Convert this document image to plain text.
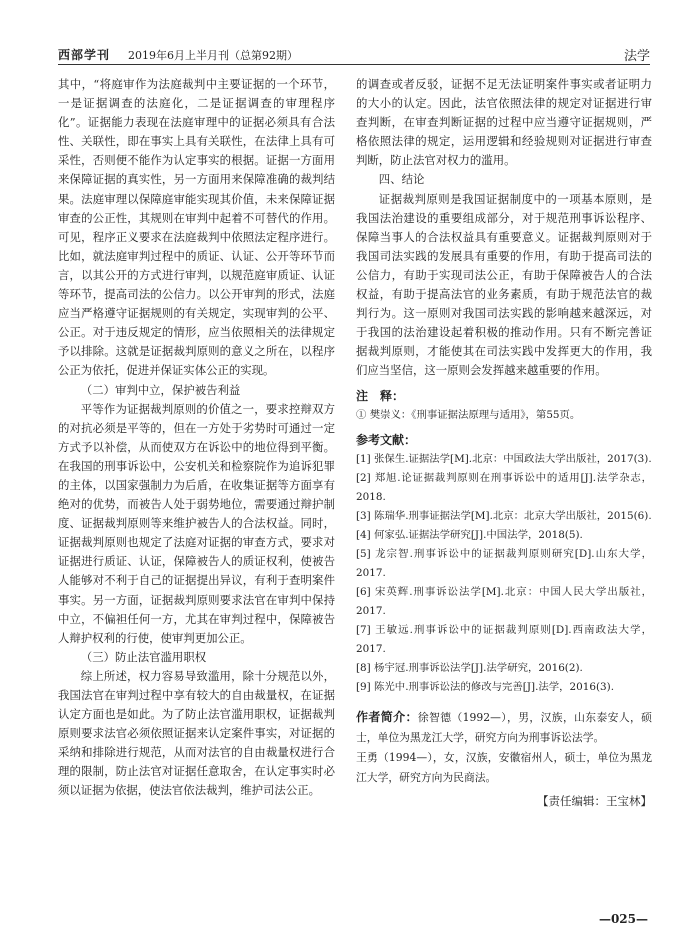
西部学刊 2019年6月上半月刊（总第92期）	法学

其中，“将庭审作为法庭裁判中主要证据的一个环节，一是证据调查的法庭化，二是证据调查的审理程序化”。证据能力表现在法庭审理中的证据必须具有合法性、关联性，即在事实上具有关联性，在法律上具有可采性，否则便不能作为认定事实的根据。证据一方面用来保障证据的真实性，另一方面用来保障准确的裁判结果。法庭审理以保障庭审能实现其价值，未来保障证据审查的公正性，其规则在审判中起着不可替代的作用。可见，程序正义要求在法庭裁判中依照法定程序进行。比如，就法庭审判过程中的质证、认证、公开等环节而言，以其公开的方式进行审判，以规范庭审质证、认证等环节，提高司法的公信力。以公开审判的形式，法庭应当严格遵守证据规则的有关规定，实现审判的公平、公正。对于违反规定的情形，应当依照相关的法律规定予以排除。这就是证据裁判原则的意义之所在，以程序公正为依托，促进并保证实体公正的实现。

（二）审判中立，保护被告利益

平等作为证据裁判原则的价值之一，要求控辩双方的对抗必须是平等的，但在一方处于劣势时可通过一定方式予以补偿，从而使双方在诉讼中的地位得到平衡。在我国的刑事诉讼中，公安机关和检察院作为追诉犯罪的主体，以国家强制力为后盾，在收集证据等方面享有绝对的优势，而被告人处于弱势地位，需要通过辩护制度、证据裁判原则等来维护被告人的合法权益。同时，证据裁判原则也规定了法庭对证据的审查方式，要求对证据进行质证、认证，保障被告人的质证权利，使被告人能够对不利于自己的证据提出异议，有利于查明案件事实。另一方面，证据裁判原则要求法官在审判中保持中立，不偏袒任何一方，尤其在审判过程中，保障被告人辩护权利的行使，使审判更加公正。

（三）防止法官滥用职权

综上所述，权力容易导致滥用，除十分规范以外，我国法官在审判过程中享有较大的自由裁量权，在证据认定方面也是如此。为了防止法官滥用职权，证据裁判原则要求法官必须依照证据来认定案件事实，对证据的采纳和排除进行规范，从而对法官的自由裁量权进行合理的限制，防止法官对证据任意取舍，在认定事实时必须以证据为依据，使法官依法裁判，维护司法公正。

的调查或者反驳，证据不足无法证明案件事实或者证明力的大小的认定。因此，法官依照法律的规定对证据进行审查判断，在审查判断证据的过程中应当遵守证据规则，严格依照法律的规定，运用逻辑和经验规则对证据进行审查判断，防止法官对权力的滥用。

四、结论

证据裁判原则是我国证据制度中的一项基本原则，是我国法治建设的重要组成部分，对于规范刑事诉讼程序、保障当事人的合法权益具有重要意义。证据裁判原则对于我国司法实践的发展具有重要的作用，有助于提高司法的公信力，有助于实现司法公正，有助于保障被告人的合法权益，有助于提高法官的业务素质，有助于规范法官的裁判行为。这一原则对我国司法实践的影响越来越深远，对于我国的法治建设起着积极的推动作用。只有不断完善证据裁判原则，才能使其在司法实践中发挥更大的作用，我们应当坚信，这一原则会发挥越来越重要的作用。

注　释：
① 樊崇义：《刑事证据法原理与适用》，第55页。
参考文献：
[1] 张保生.证据法学[M].北京：中国政法大学出版社，2017(3).
[2] 郑旭.论证据裁判原则在刑事诉讼中的适用[J].法学杂志，2018.
[3] 陈瑞华.刑事证据法学[M].北京：北京大学出版社，2015(6).
[4] 何家弘.证据法学研究[J].中国法学，2018(5).
[5] 龙宗智.刑事诉讼中的证据裁判原则研究[D].山东大学，2017.
[6] 宋英辉.刑事诉讼法学[M].北京：中国人民大学出版社，2017.
[7] 王敏远.刑事诉讼中的证据裁判原则[D].西南政法大学，2017.
[8] 杨宇冠.刑事诉讼法学[J].法学研究，2016(2).
[9] 陈光中.刑事诉讼法的修改与完善[J].法学，2016(3).
作者简介：徐智德（1992—），男，汉族，山东泰安人，硕士，单位为黑龙江大学，研究方向为刑事诉讼法学。
王勇（1994—），女，汉族，安徽宿州人，硕士，单位为黑龙江大学，研究方向为民商法。
【责任编辑：王宝林】
—025—
